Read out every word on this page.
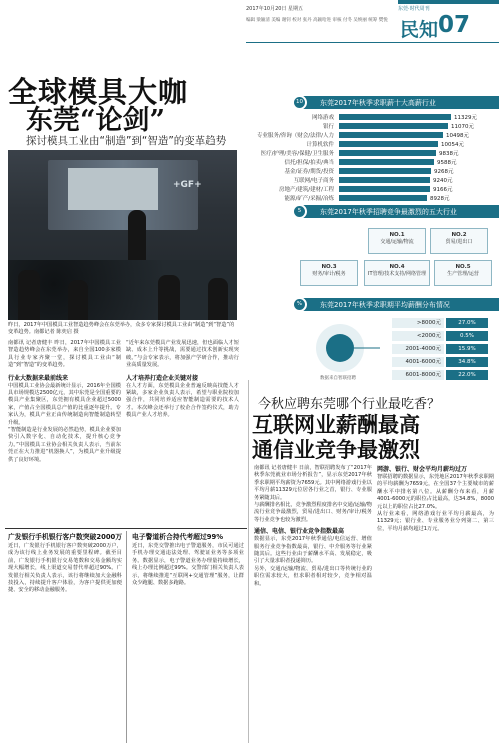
2017年10月20日 星期五
编辑 梁颖清 美编 谢钊 校对 张丹 高颖哈进 审核 付冬 吴焕丽 统筹 樊悦
东莞·时代周刊
民知 07
全球模具大咖
东莞“论剑”
探讨模具工业由“制造”到“智造”的变革趋势
+GF+
昨日，2017年中国模具工业智造趋势峰会在东莞举办，众多专家探讨模具工业由“制造”到“智造”的变革趋势。南都记者 陈奕启 摄

南都讯 记者唐健丰 昨日，2017年中国模具工业智造趋势峰会在东莞举办，来自全国100多家模具行业专家齐聚一堂，探讨模具工业由“制造”到“智造”的变革趋势。

行业大数据来最前线来

中国模具工业协会最新统计显示，2016年全国模具市场规模达2500亿元，其中东莞是全国重要的模具产业集聚区，东莞拥有模具企业超过5000家，产值占全国模具总产值的比重逐年提升。专家认为，模具产业正由传统制造向智能制造转型升级。

“智能制造是行业发展的必然趋势，模具企业要加快引入数字化、自动化技术，提升核心竞争力。”中国模具工业协会相关负责人表示，当前东莞正在大力推进“机器换人”，为模具产业升级提供了良好环境。

“近年来东莞模具产业发展迅速，但也面临人才短缺、成本上升等挑战，需要通过技术创新实现突破。”与会专家表示，将加强产学研合作，推动行业高质量发展。

人才培养打造企业关键对接

在人才方面，东莞模具企业普遍反映高技能人才紧缺，多家企业负责人表示，希望与职业院校加强合作，共同培养适应智能制造需要的技术人才。本次峰会还举行了校企合作签约仪式，助力模具产业人才培养。

10	东莞2017年秋季求职薪十大高薪行业
网络游戏	11329元
银行	11070元
专业服务/咨询（财会/法律/人力	10498元
计算机软件	10054元
医疗/护理/美容/保健/卫生服务	9838元
信托/担保/拍卖/典当	9588元
基金/证券/期货/投资	9268元
互联网/电子商务	9240元
房地产/建筑/建材/工程	9166元
能源/矿产/采掘/冶炼	8928元
5	东莞2017年秋季招聘竞争最激烈的五大行业
NO.1
交通/运输/物流
NO.2
贸易/进出口
NO.3
财务/审计/税务
NO.4
IT管理/技术支持/网络管理
NO.5
生产管理/运营
%	东莞2017年秋季求职期平均薪酬分布情况
>8000元	27.0%
<2000元	0.5%
2001-4000元	15.9%
4001-6000元	34.8%
6001-8000元	22.0%
数据来自智联招聘
今秋应聘东莞哪个行业最吃香？
互联网业薪酬最高
通信业竞争最激烈

南都讯 记者唐健丰 日前，智联招聘发布了“2017年秋季东莞就业市场分析报告”，显示东莞2017年秋季求职期平均薪资为7659元。其中网络游戏行业以平均月薪11329元位居各行业之首，银行、专业服务紧随其后。

与薪酬排名相比，竞争激烈程度排名中交通/运输/物流行业竞争最激烈，贸易/进出口、财务/审计/税务等行业竞争也较为激烈。

通信、电信、银行业竞争指数最高

数据显示，东莞2017年秋季通信/电信运营、增值服务行业竞争指数最高，银行、中介服务等行业紧随其后。这些行业由于薪酬水平高、发展稳定，吸引了大量求职者投递简历。

另外，交通/运输/物流、贸易/进出口等传统行业的职位需求较大，但求职者相对较少，竞争相对温和。

网游、银行、财会平均月薪均过万

智联招聘的数据显示，东莞地区2017年秋季求职期的平均薪酬为7659元，在全国37个主要城市的薪酬水平中排名第八位。从薪酬分布来看，月薪4001-6000元的职位占比最高，达34.8%，8000元以上的职位占比27.0%。

从行业来看，网络游戏行业平均月薪最高，为11329元；银行业、专业服务业分列第二、第三位，平均月薪均超过1万元。

广发银行手机银行客户数突破2000万
近日，广发银行手机银行客户数突破2000万户，成为该行线上业务发展的重要里程碑。截至目前，广发银行手机银行交易笔数和交易金额均实现大幅增长，线上渠道交易替代率超过90%。广发银行相关负责人表示，该行将继续加大金融科技投入，持续提升客户体验，为客户提供更加便捷、安全的移动金融服务。
电子警道析合持代考超过99%
近日，东莞交警推出电子警道服务，市民可通过手机办理交通违法处理、驾驶证业务等多项业务。数据显示，电子警道业务办理量持续增长，线上办理比例超过99%。交警部门相关负责人表示，将继续推进“互联网+交通管理”服务，让群众少跑腿、数据多跑路。
